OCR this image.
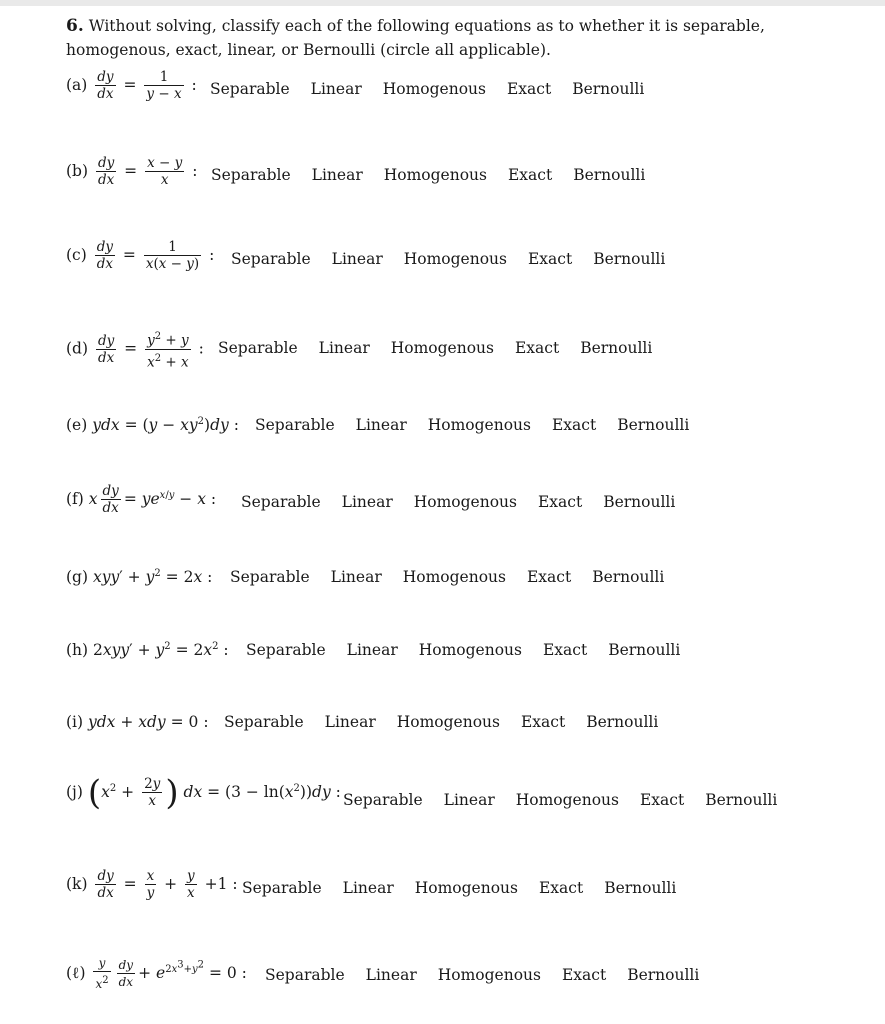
6. Without solving, classify each of the following equations as to whether it is separable, homogenous, exact, linear, or Bernoulli (circle all applicable).
$(a) \frac{dy}{dx} = \frac{1}{y - x}$ : Separable Linear Homogenous Exact Bernoulli
$(b) \frac{dy}{dx} = \frac{x - y}{x}$ : Separable Linear Homogenous Exact Bernoulli
$(c) \frac{dy}{dx} = \frac{1}{x(x - y)}$ : Separable Linear Homogenous Exact Bernoulli
$(d) \frac{dy}{dx} = \frac{y^2 + y}{x^2 + x}$ : Separable Linear Homogenous Exact Bernoulli
(e) ydx = $(y - xy^2)dy$ : Separable Linear Homogenous Exact Bernoulli
(f) x $\frac{dy}{dx} = ye^{x/y} - x$ : Separable Linear Homogenous Exact Bernoulli
(g) $xyy' + y^2 = 2x$ : Separable Linear Homogenous Exact Bernoulli
(h) $2xyy' + y^2 = 2x^2$ : Separable Linear Homogenous Exact Bernoulli
(i) ydx + xdy = 0 : Separable Linear Homogenous Exact Bernoulli
(j) ($x^2 + \frac{2y}{x}$ ) dx = $(3 - \ln(x^2))dy$ : Separable Linear Homogenous Exact Bernoulli
$(k) \frac{dy}{dx} = \frac{x}{y} + \frac{y}{x} +1$ : Separable Linear Homogenous Exact Bernoulli
(ℓ) $\frac{y}{x^2} \frac{dy}{dx} + e^{2x^3+y^2} = 0$ : Separable Linear Homogenous Exact Bernoulli
